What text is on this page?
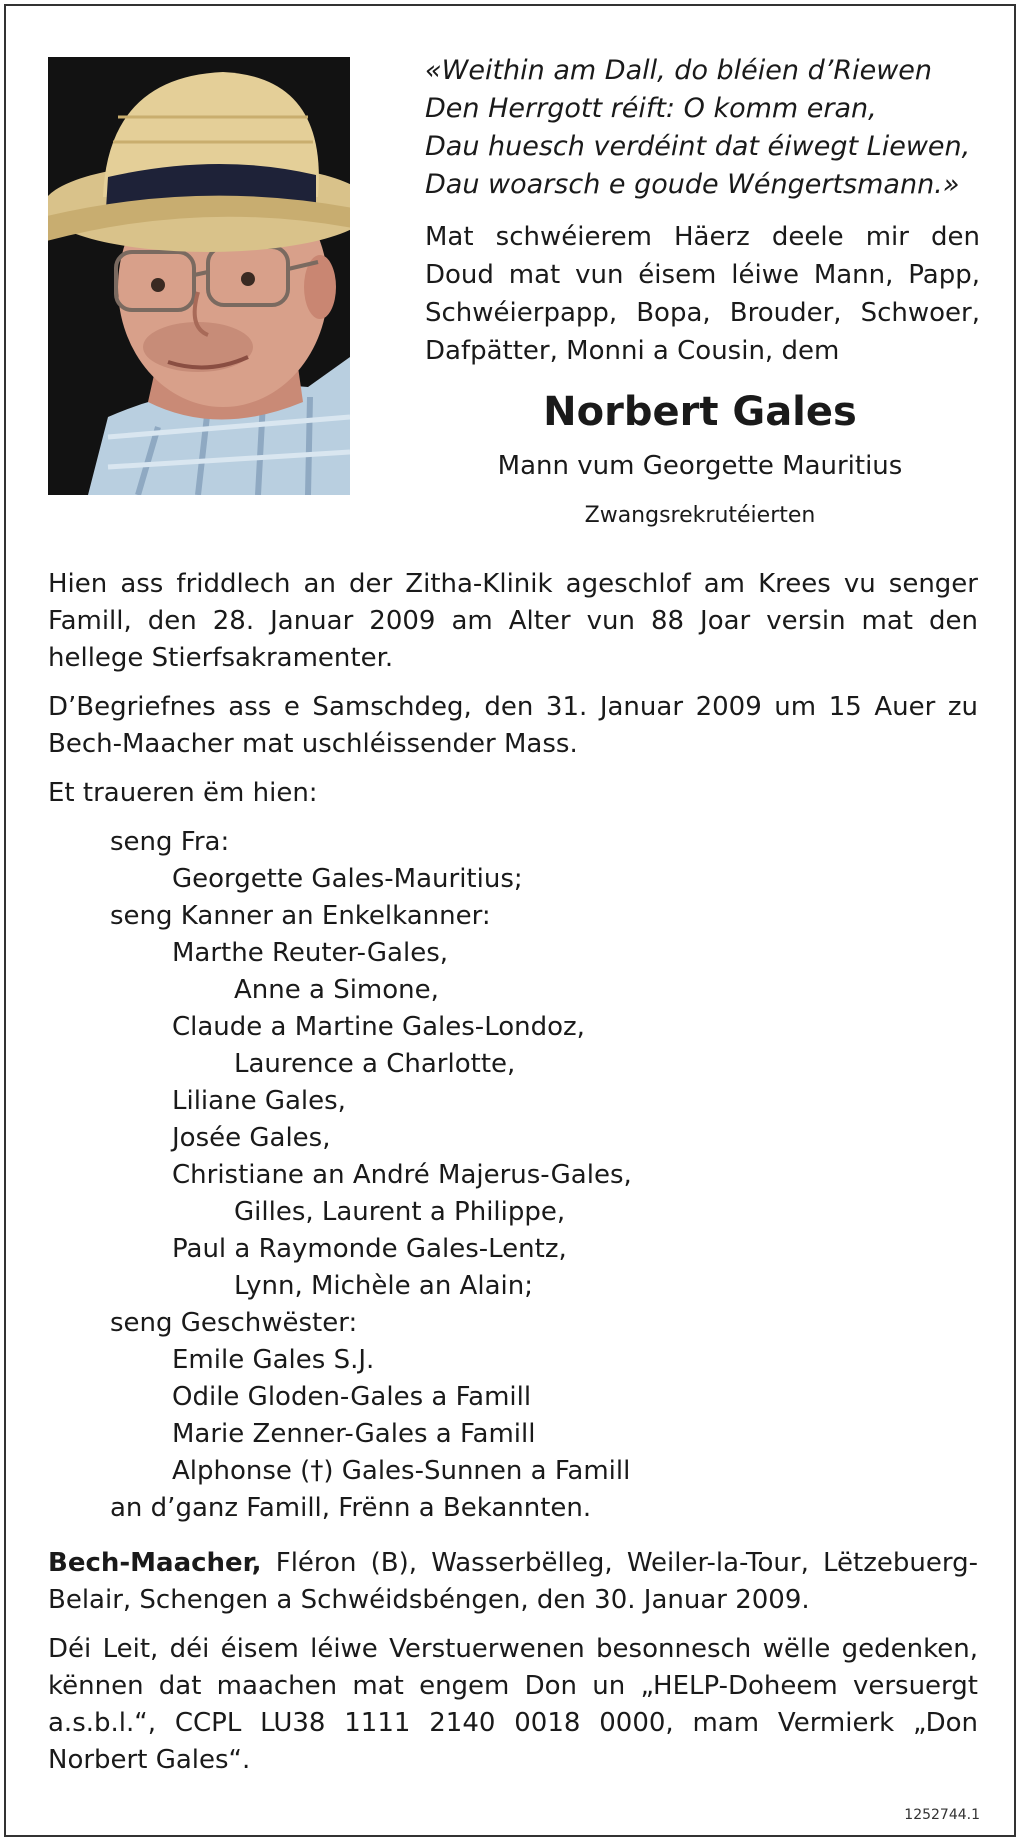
«Weithin am Dall, do bléien d’Riewen
Den Herrgott réift: O komm eran,
Dau huesch verdéint dat éiwegt Liewen,
Dau woarsch e goude Wéngertsmann.»
Mat schwéierem Häerz deele mir den Doud mat vun éisem léiwe Mann, Papp, Schwéierpapp, Bopa, Brouder, Schwoer, Dafpätter, Monni a Cousin, dem
Norbert Gales
Mann vum Georgette Mauritius
Zwangsrekrutéierten

Hien ass friddlech an der Zitha-Klinik ageschlof am Krees vu senger Famill, den 28. Januar 2009 am Alter vun 88 Joar versin mat den hellege Stierfsakramenter.

D’Begriefnes ass e Samschdeg, den 31. Januar 2009 um 15 Auer zu Bech-Maacher mat uschléissender Mass.

Et traueren ëm hien:

seng Fra:
Georgette Gales-Mauritius;
seng Kanner an Enkelkanner:
Marthe Reuter-Gales,
Anne a Simone,
Claude a Martine Gales-Londoz,
Laurence a Charlotte,
Liliane Gales,
Josée Gales,
Christiane an André Majerus-Gales,
Gilles, Laurent a Philippe,
Paul a Raymonde Gales-Lentz,
Lynn, Michèle an Alain;
seng Geschwëster:
Emile Gales S.J.
Odile Gloden-Gales a Famill
Marie Zenner-Gales a Famill
Alphonse (†) Gales-Sunnen a Famill
an d’ganz Famill, Frënn a Bekannten.

Bech-Maacher, Fléron (B), Wasserbëlleg, Weiler-la-Tour, Lëtzebuerg-Belair, Schengen a Schwéidsbéngen, den 30. Januar 2009.

Déi Leit, déi éisem léiwe Verstuerwenen besonnesch wëlle gedenken, kënnen dat maachen mat engem Don un „HELP-Doheem versuergt a.s.b.l.“, CCPL LU38 1111 2140 0018 0000, mam Vermierk „Don Norbert Gales“.

1252744.1
